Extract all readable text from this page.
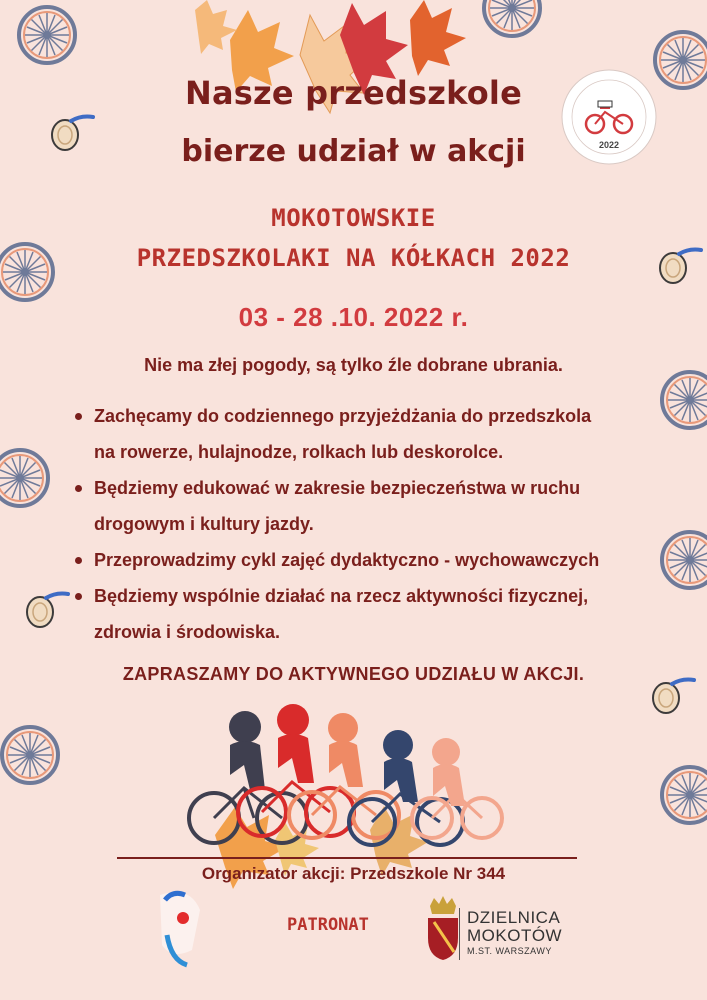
Nasze przedszkole
bierze udział w akcji
MOKOTOWSKIE
PRZEDSZKOLAKI NA KÓŁKACH 2022
03 - 28 .10. 2022 r.
Nie ma złej pogody, są tylko źle dobrane ubrania.
Zachęcamy do codziennego przyjeżdżania do przedszkola
na rowerze, hulajnodze, rolkach lub deskorolce.
Będziemy edukować w zakresie bezpieczeństwa w ruchu
drogowym i kultury jazdy.
Przeprowadzimy cykl zajęć dydaktyczno - wychowawczych
Będziemy wspólnie działać na rzecz aktywności fizycznej,
zdrowia i środowiska.
ZAPRASZAMY DO AKTYWNEGO UDZIAŁU W AKCJI.
Organizator akcji: Przedszkole Nr 344
PATRONAT	DZIELNICA
MOKOTÓW
M.ST. WARSZAWY
2022
